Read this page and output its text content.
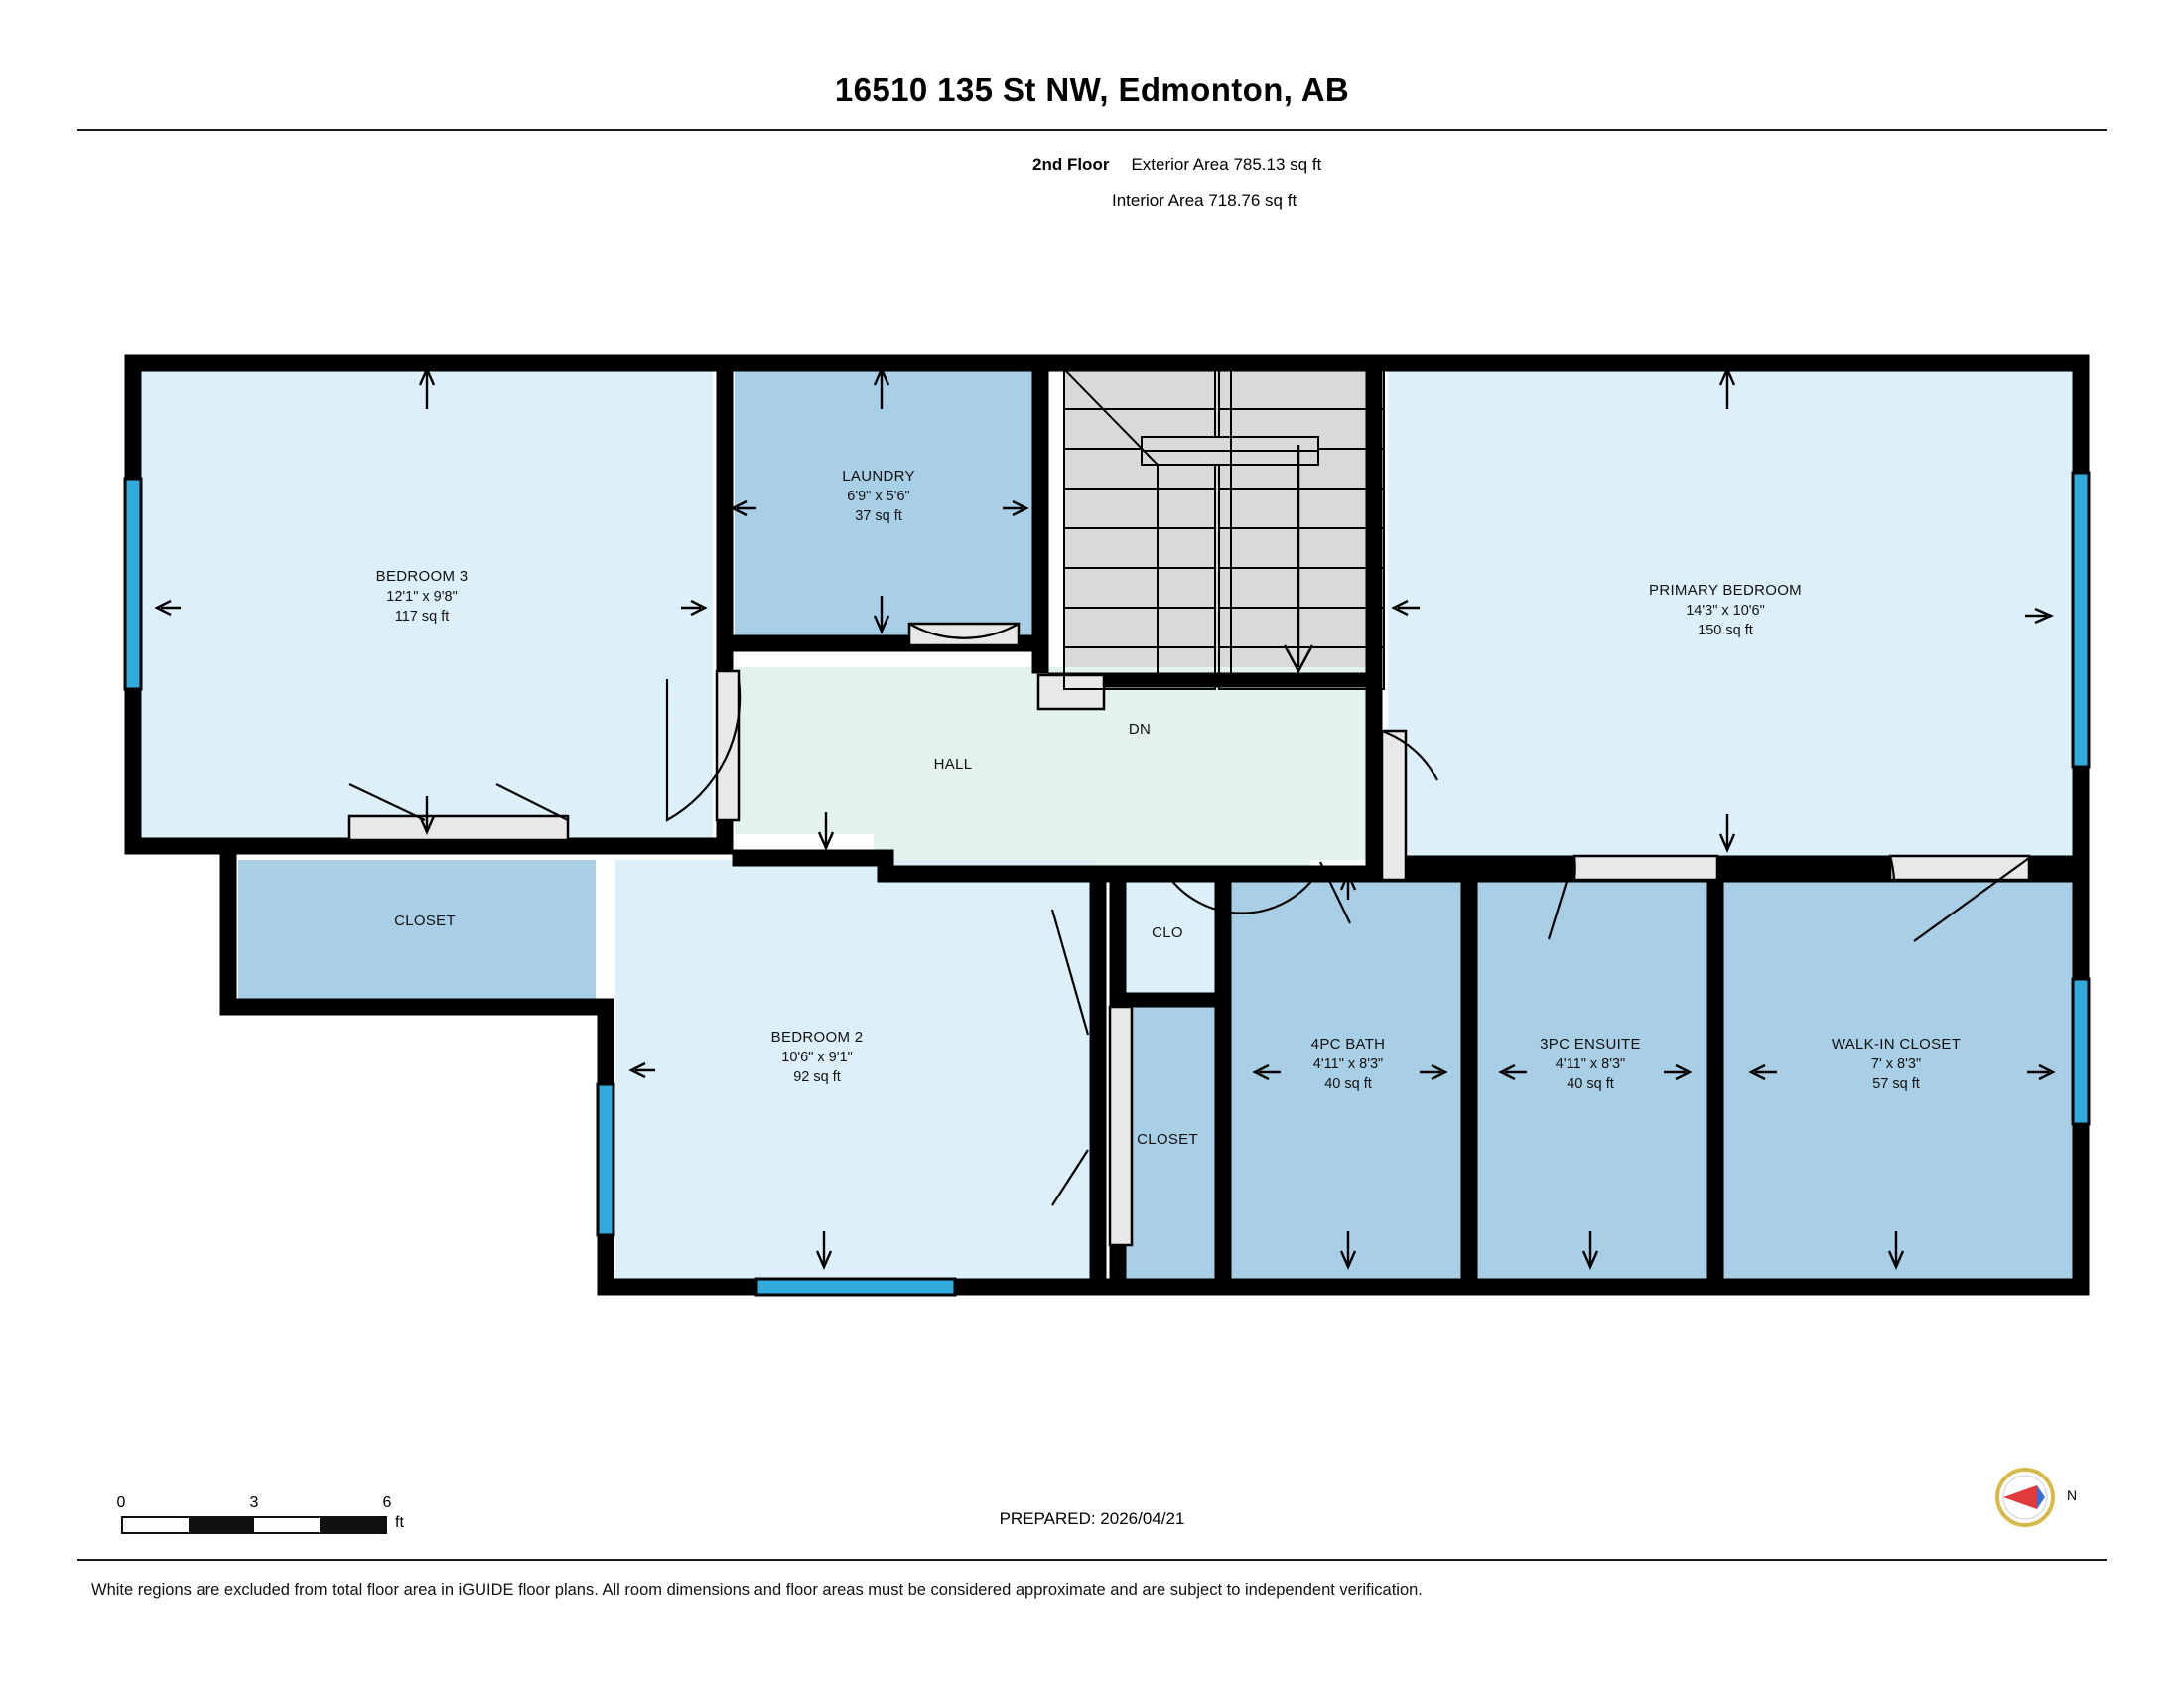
16510 135 St NW, Edmonton, AB
2nd Floor Exterior Area 785.13 sq ft
Interior Area 718.76 sq ft
BEDROOM 3
12'1" x 9'8"
117 sq ft
LAUNDRY
6'9" x 5'6"
37 sq ft
PRIMARY BEDROOM
14'3" x 10'6"
150 sq ft
HALL
DN
CLOSET
BEDROOM 2
10'6" x 9'1"
92 sq ft
CLO
CLOSET
4PC BATH
4'11" x 8'3"
40 sq ft
3PC ENSUITE
4'11" x 8'3"
40 sq ft
WALK-IN CLOSET
7' x 8'3"
57 sq ft
0	3	6
ft	PREPARED: 2026/04/21
N
White regions are excluded from total floor area in iGUIDE floor plans. All room dimensions and floor areas must be considered approximate and are subject to independent verification.
